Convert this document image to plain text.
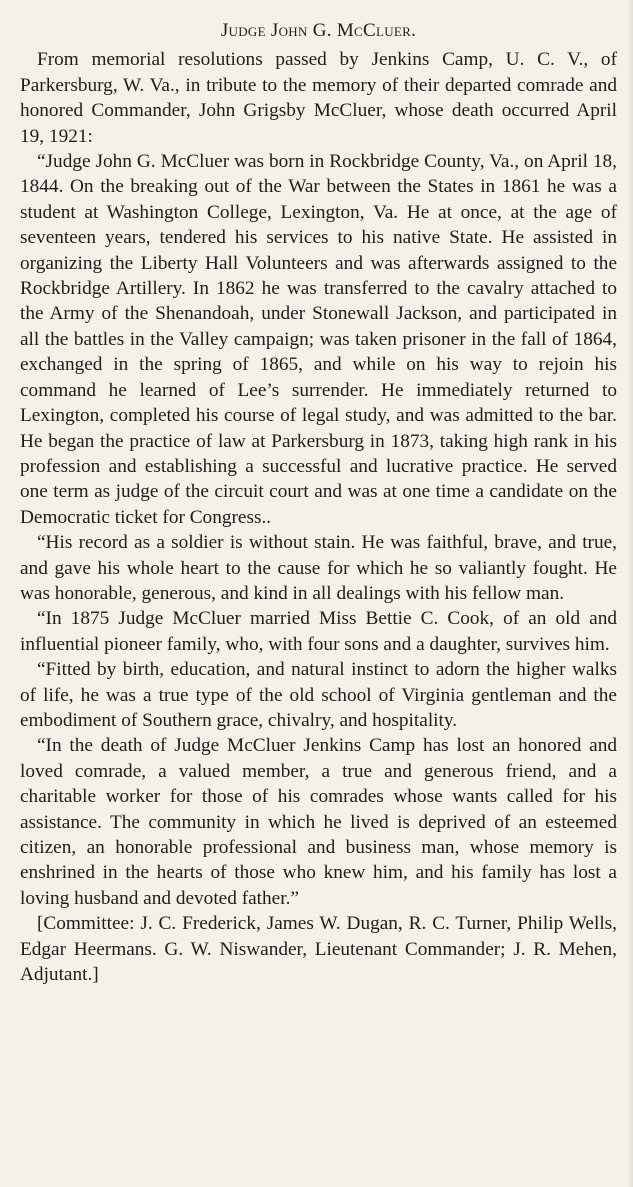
Judge John G. McCluer.

From memorial resolutions passed by Jenkins Camp, U. C. V., of Parkersburg, W. Va., in tribute to the memory of their departed comrade and honored Commander, John Grigsby McCluer, whose death occurred April 19, 1921:

“Judge John G. McCluer was born in Rockbridge County, Va., on April 18, 1844. On the breaking out of the War between the States in 1861 he was a student at Washington College, Lexington, Va. He at once, at the age of seventeen years, tendered his services to his native State. He assisted in organizing the Liberty Hall Volunteers and was afterwards assigned to the Rockbridge Artillery. In 1862 he was transferred to the cavalry attached to the Army of the Shenandoah, under Stonewall Jackson, and participated in all the battles in the Valley campaign; was taken prisoner in the fall of 1864, exchanged in the spring of 1865, and while on his way to rejoin his command he learned of Lee’s surrender. He immediately returned to Lexington, completed his course of legal study, and was admitted to the bar. He began the practice of law at Parkersburg in 1873, taking high rank in his profession and establishing a successful and lucrative practice. He served one term as judge of the circuit court and was at one time a candidate on the Democratic ticket for Congress..

“His record as a soldier is without stain. He was faithful, brave, and true, and gave his whole heart to the cause for which he so valiantly fought. He was honorable, generous, and kind in all dealings with his fellow man.

“In 1875 Judge McCluer married Miss Bettie C. Cook, of an old and influential pioneer family, who, with four sons and a daughter, survives him.

“Fitted by birth, education, and natural instinct to adorn the higher walks of life, he was a true type of the old school of Virginia gentleman and the embodiment of Southern grace, chivalry, and hospitality.

“In the death of Judge McCluer Jenkins Camp has lost an honored and loved comrade, a valued member, a true and generous friend, and a charitable worker for those of his comrades whose wants called for his assistance. The community in which he lived is deprived of an esteemed citizen, an honorable professional and business man, whose memory is enshrined in the hearts of those who knew him, and his family has lost a loving husband and devoted father.”

[Committee: J. C. Frederick, James W. Dugan, R. C. Turner, Philip Wells, Edgar Heermans. G. W. Niswander, Lieutenant Commander; J. R. Mehen, Adjutant.]
